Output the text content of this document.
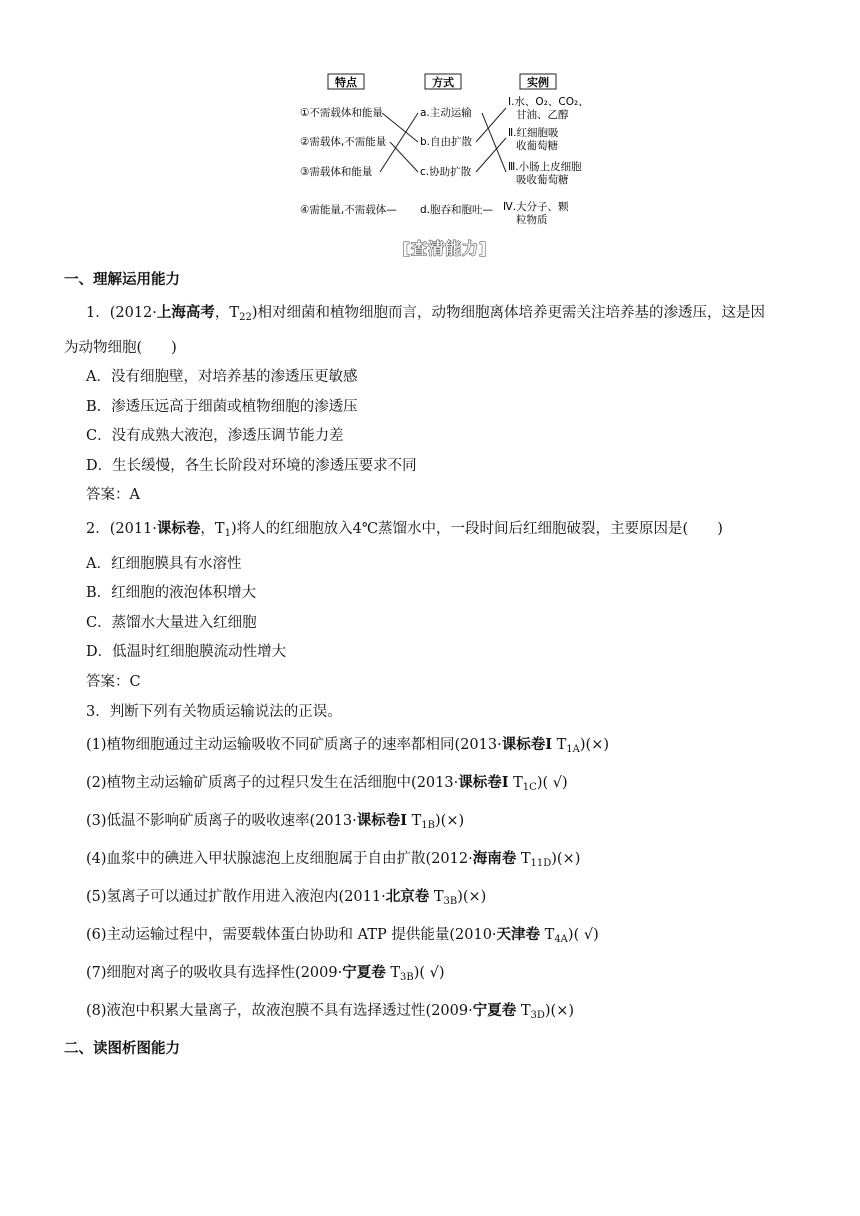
特点	方式	实例
①不需载体和能量
②需载体,不需能量
③需载体和能量
④需能量,不需载体—
a.主动运输
b.自由扩散
c.协助扩散
d.胞吞和胞吐—
Ⅰ.水、O₂、CO₂、
甘油、乙醇
Ⅱ.红细胞吸
收葡萄糖
Ⅲ.小肠上皮细胞
吸收葡萄糖
Ⅳ.大分子、颗
粒物质
[查清能力]
一、理解运用能力
1．(2012·上海高考，$T_{22}$)相对细菌和植物细胞而言，动物细胞离体培养更需关注培养基的渗透压，这是因
为动物细胞(　　)
A．没有细胞壁，对培养基的渗透压更敏感
B．渗透压远高于细菌或植物细胞的渗透压
C．没有成熟大液泡，渗透压调节能力差
D．生长缓慢，各生长阶段对环境的渗透压要求不同
答案：A
2．(2011·课标卷，$T_1$)将人的红细胞放入4℃蒸馏水中，一段时间后红细胞破裂，主要原因是(　　)
A．红细胞膜具有水溶性
B．红细胞的液泡体积增大
C．蒸馏水大量进入红细胞
D．低温时红细胞膜流动性增大
答案：C
3．判断下列有关物质运输说法的正误。
(1)植物细胞通过主动运输吸收不同矿质离子的速率都相同(2013·课标卷Ⅰ $T_{1A})(\times)$
(2)植物主动运输矿质离子的过程只发生在活细胞中(2013·课标卷Ⅰ $T_{1C}$)( √)
(3)低温不影响矿质离子的吸收速率(2013·课标卷Ⅰ $T_{1B})(\times)$
(4)血浆中的碘进入甲状腺滤泡上皮细胞属于自由扩散(2012·海南卷 $T_{11D})(\times)$
(5)氢离子可以通过扩散作用进入液泡内(2011·北京卷 $T_{3B})(\times)$
(6)主动运输过程中，需要载体蛋白协助和 ATP 提供能量(2010·天津卷 $T_{4A}$)( √)
(7)细胞对离子的吸收具有选择性(2009·宁夏卷 $T_{3B}$)( √)
(8)液泡中积累大量离子，故液泡膜不具有选择透过性(2009·宁夏卷 $T_{3D})(\times)$
二、读图析图能力
